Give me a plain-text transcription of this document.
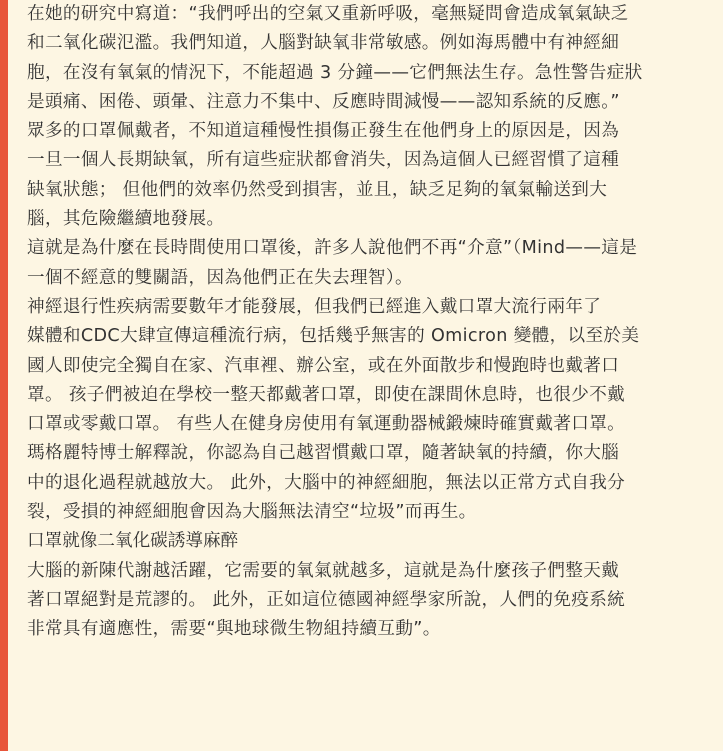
在她的研究中寫道：“我們呼出的空氣又重新呼吸，毫無疑問會造成氧氣缺乏
和二氧化碳氾濫。我們知道，人腦對缺氧非常敏感。例如海馬體中有神經細
胞，在沒有氧氣的情況下，不能超過 3 分鐘——它們無法生存。急性警告症狀
是頭痛、困倦、頭暈、注意力不集中、反應時間減慢——認知系統的反應。”
眾多的口罩佩戴者，不知道這種慢性損傷正發生在他們身上的原因是，因為
一旦一個人長期缺氧，所有這些症狀都會消失，因為這個人已經習慣了這種
缺氧狀態； 但他們的效率仍然受到損害，並且，缺乏足夠的氧氣輸送到大
腦，其危險繼續地發展。
這就是為什麼在長時間使用口罩後，許多人說他們不再“介意”（Mind——這是
一個不經意的雙關語，因為他們正在失去理智）。
神經退行性疾病需要數年才能發展，但我們已經進入戴口罩大流行兩年了
媒體和CDC大肆宣傳這種流行病，包括幾乎無害的 Omicron 變體，以至於美
國人即使完全獨自在家、汽車裡、辦公室，或在外面散步和慢跑時也戴著口
罩。 孩子們被迫在學校一整天都戴著口罩，即使在課間休息時，也很少不戴
口罩或零戴口罩。 有些人在健身房使用有氧運動器械鍛煉時確實戴著口罩。
瑪格麗特博士解釋說，你認為自己越習慣戴口罩，隨著缺氧的持續，你大腦
中的退化過程就越放大。 此外，大腦中的神經細胞，無法以正常方式自我分
裂，受損的神經細胞會因為大腦無法清空“垃圾”而再生。
口罩就像二氧化碳誘導麻醉
大腦的新陳代謝越活躍，它需要的氧氣就越多，這就是為什麼孩子們整天戴
著口罩絕對是荒謬的。 此外，正如這位德國神經學家所說，人們的免疫系統
非常具有適應性，需要“與地球微生物組持續互動”。
